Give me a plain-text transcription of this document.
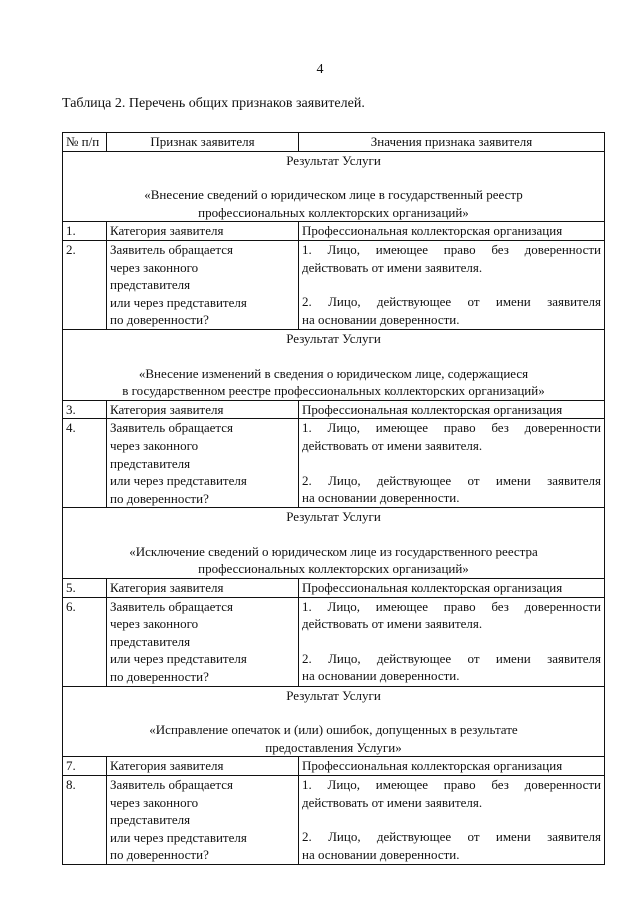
4
Таблица 2. Перечень общих признаков заявителей.
№ п/п	Признак заявителя	Значения признака заявителя

Результат Услуги
«Внесение сведений о юридическом лице в государственный реестр
профессиональных коллекторских организаций»		

1.	Категория заявителя	Профессиональная коллекторская организация

2.	Заявитель обращается
через законного
представителя
или через представителя
по доверенности?	1. Лицо, имеющее право без доверенности
действовать от имени заявителя.
2. Лицо, действующее от имени заявителя
на основании доверенности.

Результат Услуги
«Внесение изменений в сведения о юридическом лице, содержащиеся
в государственном реестре профессиональных коллекторских организаций»		

3.	Категория заявителя	Профессиональная коллекторская организация

4.	Заявитель обращается
через законного
представителя
или через представителя
по доверенности?	1. Лицо, имеющее право без доверенности
действовать от имени заявителя.
2. Лицо, действующее от имени заявителя
на основании доверенности.

Результат Услуги
«Исключение сведений о юридическом лице из государственного реестра
профессиональных коллекторских организаций»		

5.	Категория заявителя	Профессиональная коллекторская организация

6.	Заявитель обращается
через законного
представителя
или через представителя
по доверенности?	1. Лицо, имеющее право без доверенности
действовать от имени заявителя.
2. Лицо, действующее от имени заявителя
на основании доверенности.

Результат Услуги
«Исправление опечаток и (или) ошибок, допущенных в результате
предоставления Услуги»		

7.	Категория заявителя	Профессиональная коллекторская организация

8.	Заявитель обращается
через законного
представителя
или через представителя
по доверенности?	1. Лицо, имеющее право без доверенности
действовать от имени заявителя.
2. Лицо, действующее от имени заявителя
на основании доверенности.
